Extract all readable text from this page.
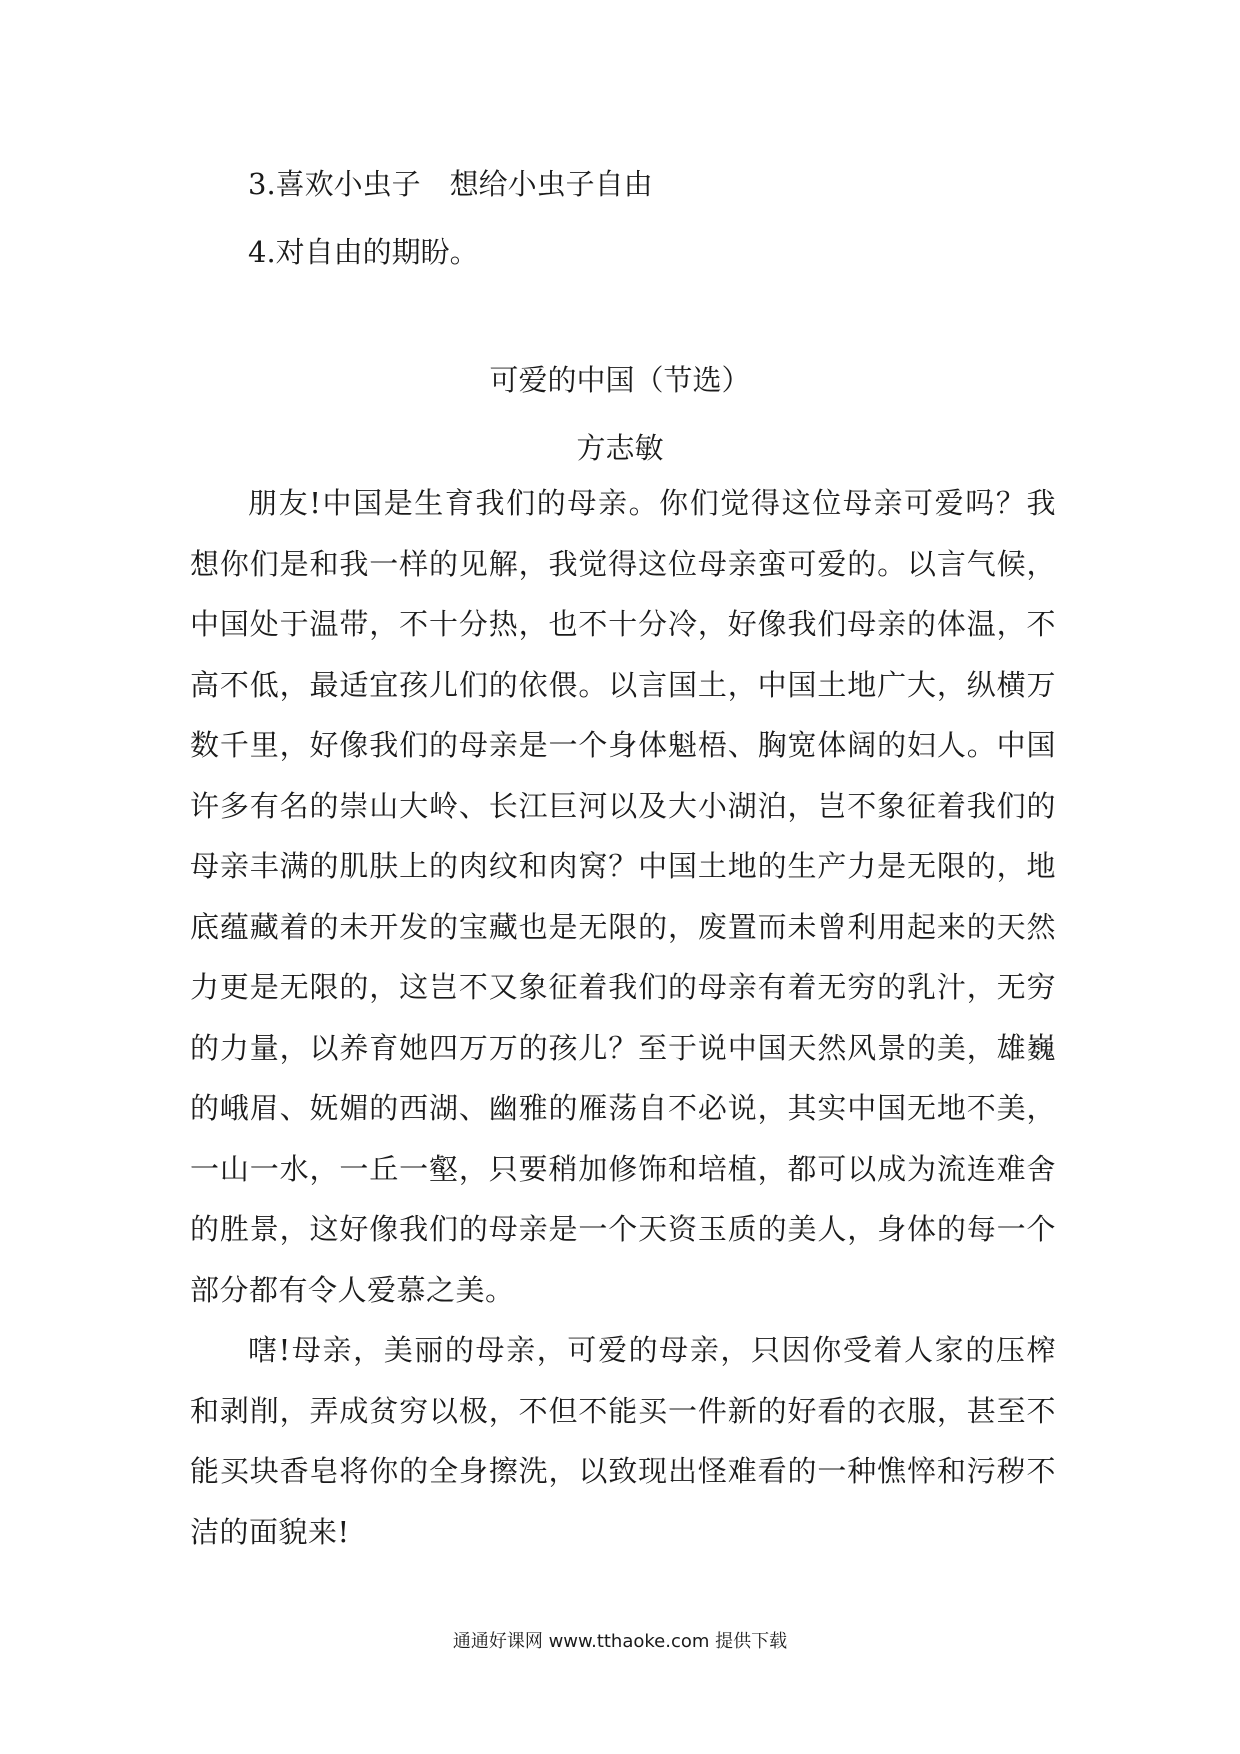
3.喜欢小虫子　想给小虫子自由
4.对自由的期盼。
可爱的中国（节选）
方志敏

朋友!中国是生育我们的母亲。你们觉得这位母亲可爱吗？我想你们是和我一样的见解，我觉得这位母亲蛮可爱的。以言气候，中国处于温带，不十分热，也不十分冷，好像我们母亲的体温，不高不低，最适宜孩儿们的依偎。以言国土，中国土地广大，纵横万数千里，好像我们的母亲是一个身体魁梧、胸宽体阔的妇人。中国许多有名的崇山大岭、长江巨河以及大小湖泊，岂不象征着我们的母亲丰满的肌肤上的肉纹和肉窝？中国土地的生产力是无限的，地底蕴藏着的未开发的宝藏也是无限的，废置而未曾利用起来的天然力更是无限的，这岂不又象征着我们的母亲有着无穷的乳汁，无穷的力量，以养育她四万万的孩儿？至于说中国天然风景的美，雄巍的峨眉、妩媚的西湖、幽雅的雁荡自不必说，其实中国无地不美，一山一水，一丘一壑，只要稍加修饰和培植，都可以成为流连难舍的胜景，这好像我们的母亲是一个天资玉质的美人，身体的每一个部分都有令人爱慕之美。

嗐!母亲，美丽的母亲，可爱的母亲，只因你受着人家的压榨和剥削，弄成贫穷以极，不但不能买一件新的好看的衣服，甚至不能买块香皂将你的全身擦洗，以致现出怪难看的一种憔悴和污秽不洁的面貌来!

通通好课网 www.tthaoke.com 提供下载
